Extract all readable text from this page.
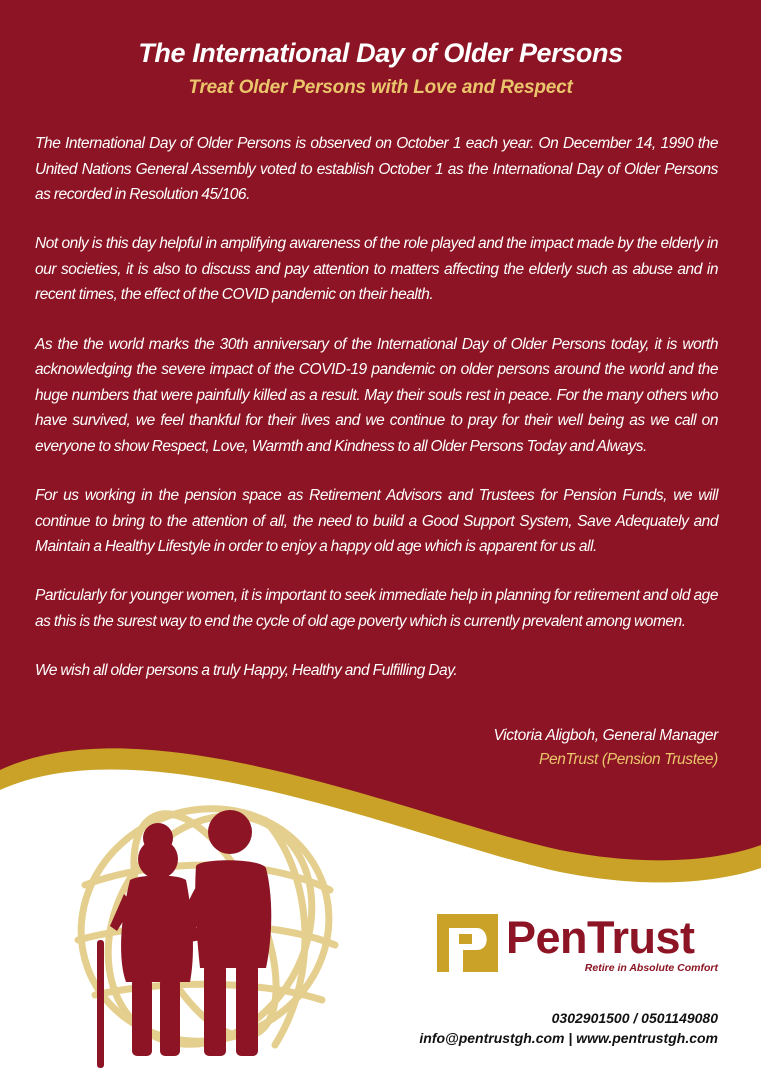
The International Day of Older Persons
Treat Older Persons with Love and Respect

The International Day of Older Persons is observed on October 1 each year. On December 14, 1990 the United Nations General Assembly voted to establish October 1 as the International Day of Older Persons as recorded in Resolution 45/106.

Not only is this day helpful in amplifying awareness of the role played and the impact made by the elderly in our societies, it is also to discuss and pay attention to matters affecting the elderly such as abuse and in recent times, the effect of the COVID pandemic on their health.

As the the world marks the 30th anniversary of the International Day of Older Persons today, it is worth acknowledging the severe impact of the COVID-19 pandemic on older persons around the world and the huge numbers that were painfully killed as a result. May their souls rest in peace. For the many others who have survived, we feel thankful for their lives and we continue to pray for their well being as we call on everyone to show Respect, Love, Warmth and Kindness to all Older Persons Today and Always.

For us working in the pension space as Retirement Advisors and Trustees for Pension Funds, we will continue to bring to the attention of all, the need to build a Good Support System, Save Adequately and Maintain a Healthy Lifestyle in order to enjoy a happy old age which is apparent for us all.

Particularly for younger women, it is important to seek immediate help in planning for retirement and old age as this is the surest way to end the cycle of old age poverty which is currently prevalent among women.

We wish all older persons a truly Happy, Healthy and Fulfilling Day.

Victoria Aligboh, General Manager
PenTrust (Pension Trustee)
PenTrust
Retire in Absolute Comfort
0302901500 / 0501149080
info@pentrustgh.com | www.pentrustgh.com
